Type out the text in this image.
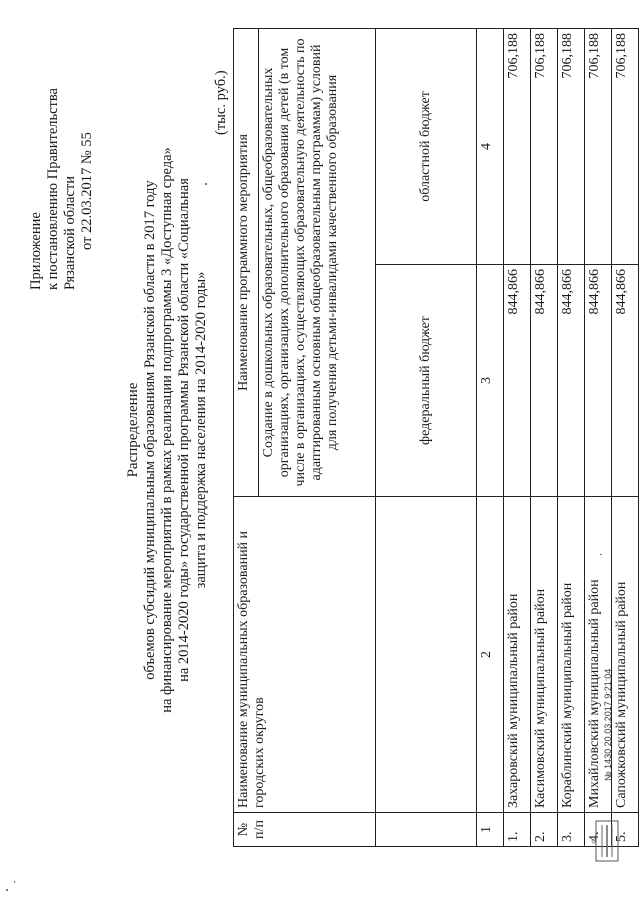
Приложение к постановлению Правительства Рязанской области от 22.03.2017 № 55
Распределение объемов субсидий муниципальным образованиям Рязанской области в 2017 году на финансирование мероприятий в рамках реализации подпрограммы 3 «Доступная среда» на 2014-2020 годы» государственной программы Рязанской области «Социальная защита и поддержка населения на 2014-2020 годы»
(тыс. руб.)
№ п/п	Наименование муниципальных образований и городских округов	Наименование программного мероприятия	
		Создание в дошкольных образовательных, общеобразовательных организациях, организациях дополнительного образования детей (в том числе в организациях, осуществляющих образовательную деятельность по адаптированным основным общеобразовательным программам) условий для получения детьми-инвалидами качественного образования	
		федеральный бюджет	областной бюджет
1	2	3	4
1.	Захаровский муниципальный район	844,866	706,188
2.	Касимовский муниципальный район	844,866	706,188
3.	Кораблинский муниципальный район	844,866	706,188
4.	Михайловский муниципальный район	844,866	706,188
5.	Сапожковский муниципальный район	844,866	706,188
№ 1430 20.03.2017 9:21:04
